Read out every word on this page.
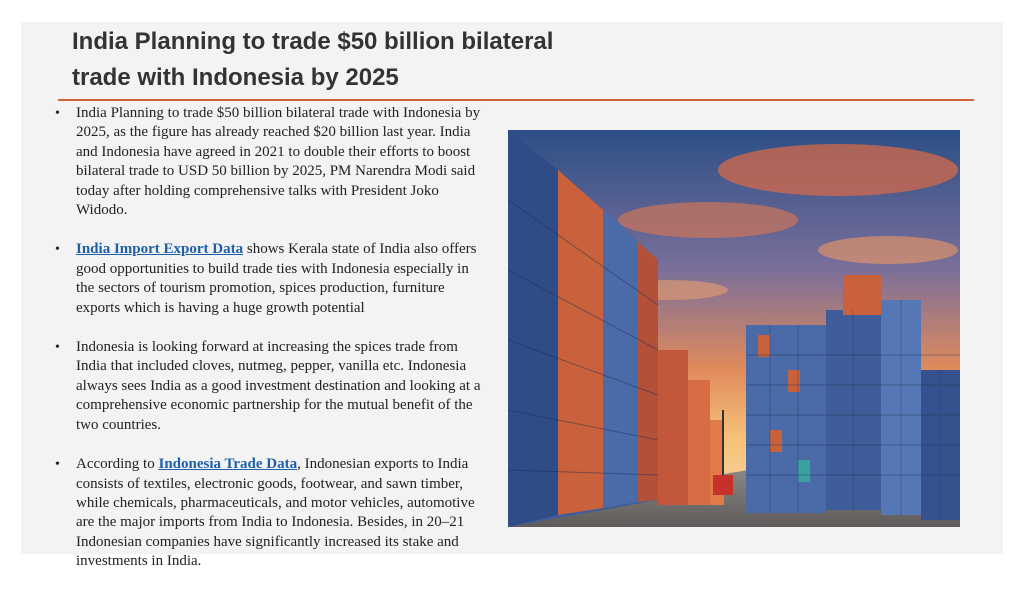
India Planning to trade $50 billion bilateral
trade with Indonesia by 2025
•	India Planning to trade $50 billion bilateral trade with Indonesia by 2025, as the figure has already reached $20 billion last year. India and Indonesia have agreed in 2021 to double their efforts to boost bilateral trade to USD 50 billion by 2025, PM Narendra Modi said today after holding comprehensive talks with President Joko Widodo.
•	India Import Export Data shows Kerala state of India also offers good opportunities to build trade ties with Indonesia especially in the sectors of tourism promotion, spices production, furniture exports which is having a huge growth potential
•	Indonesia is looking forward at increasing the spices trade from India that included cloves, nutmeg, pepper, vanilla etc. Indonesia always sees India as a good investment destination and looking at a comprehensive economic partnership for the mutual benefit of the two countries.
•	According to Indonesia Trade Data, Indonesian exports to India consists of textiles, electronic goods, footwear, and sawn timber, while chemicals, pharmaceuticals, and motor vehicles, automotive are the major imports from India to Indonesia. Besides, in 20–21 Indonesian companies have significantly increased its stake and investments in India.
